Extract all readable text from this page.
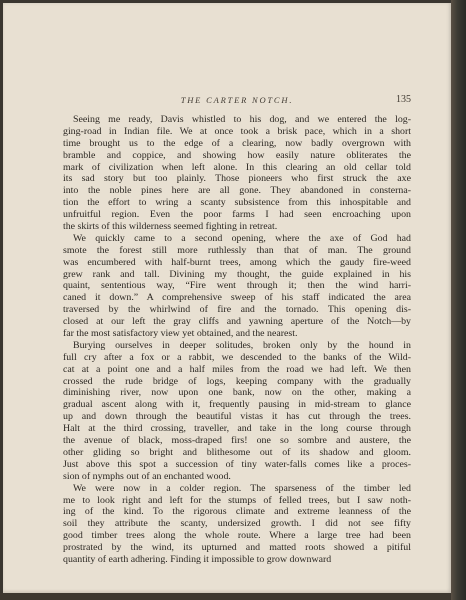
THE CARTER NOTCH.	135
Seeing me ready, Davis whistled to his dog, and we entered the log-
ging-road in Indian file. We at once took a brisk pace, which in a short
time brought us to the edge of a clearing, now badly overgrown with
bramble and coppice, and showing how easily nature obliterates the
mark of civilization when left alone. In this clearing an old cellar told
its sad story but too plainly. Those pioneers who first struck the axe
into the noble pines here are all gone. They abandoned in consterna-
tion the effort to wring a scanty subsistence from this inhospitable and
unfruitful region. Even the poor farms I had seen encroaching upon
the skirts of this wilderness seemed fighting in retreat.
We quickly came to a second opening, where the axe of God had
smote the forest still more ruthlessly than that of man. The ground
was encumbered with half-burnt trees, among which the gaudy fire-weed
grew rank and tall. Divining my thought, the guide explained in his
quaint, sententious way, “Fire went through it; then the wind harri-
caned it down.” A comprehensive sweep of his staff indicated the area
traversed by the whirlwind of fire and the tornado. This opening dis-
closed at our left the gray cliffs and yawning aperture of the Notch—by
far the most satisfactory view yet obtained, and the nearest.
Burying ourselves in deeper solitudes, broken only by the hound in
full cry after a fox or a rabbit, we descended to the banks of the Wild-
cat at a point one and a half miles from the road we had left. We then
crossed the rude bridge of logs, keeping company with the gradually
diminishing river, now upon one bank, now on the other, making a
gradual ascent along with it, frequently pausing in mid-stream to glance
up and down through the beautiful vistas it has cut through the trees.
Halt at the third crossing, traveller, and take in the long course through
the avenue of black, moss-draped firs! one so sombre and austere, the
other gliding so bright and blithesome out of its shadow and gloom.
Just above this spot a succession of tiny water-falls comes like a proces-
sion of nymphs out of an enchanted wood.
We were now in a colder region. The sparseness of the timber led
me to look right and left for the stumps of felled trees, but I saw noth-
ing of the kind. To the rigorous climate and extreme leanness of the
soil they attribute the scanty, undersized growth. I did not see fifty
good timber trees along the whole route. Where a large tree had been
prostrated by the wind, its upturned and matted roots showed a pitiful
quantity of earth adhering. Finding it impossible to grow downward
